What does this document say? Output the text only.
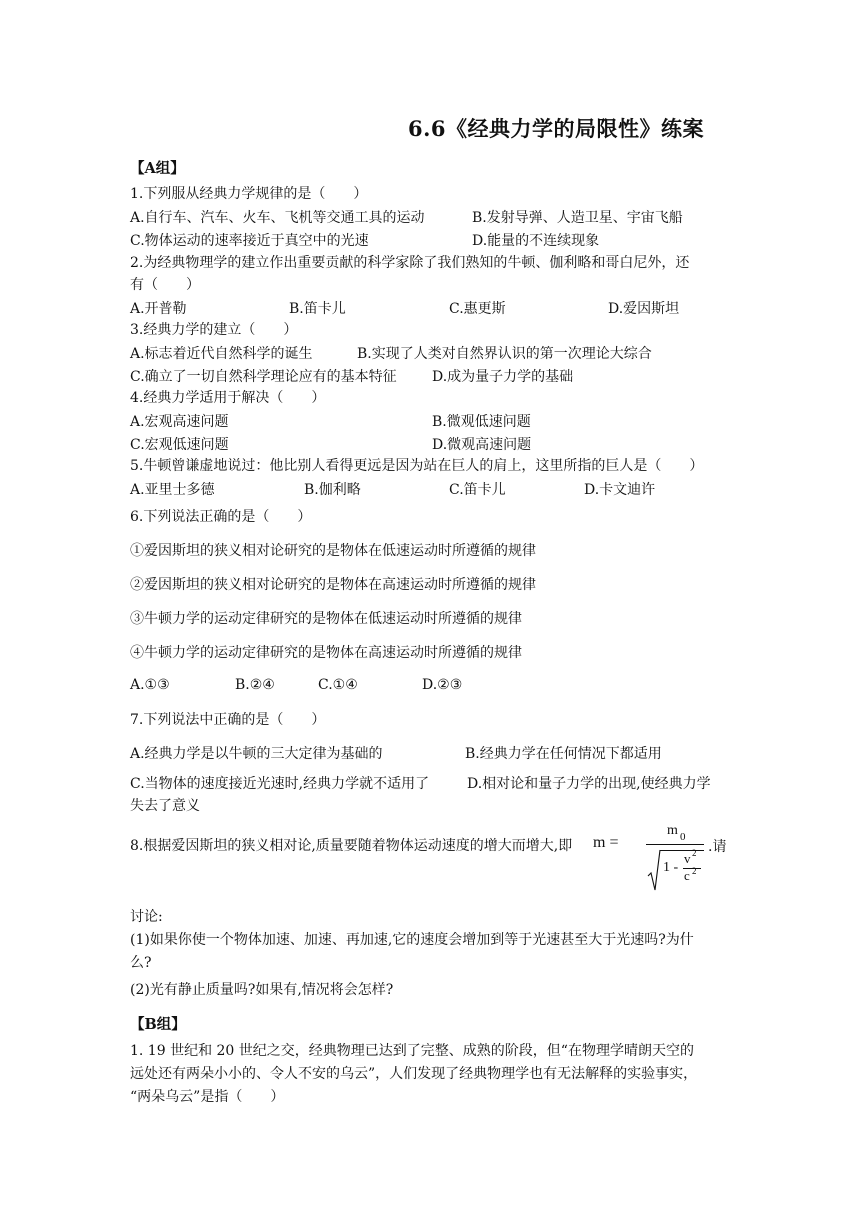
6.6《经典力学的局限性》练案
【A组】
1.下列服从经典力学规律的是（　　）
A.自行车、汽车、火车、飞机等交通工具的运动	B.发射导弹、人造卫星、宇宙飞船
C.物体运动的速率接近于真空中的光速	D.能量的不连续现象
2.为经典物理学的建立作出重要贡献的科学家除了我们熟知的牛顿、伽利略和哥白尼外，还
有（　　）
A.开普勒	B.笛卡儿	C.惠更斯	D.爱因斯坦
3.经典力学的建立（　　）
A.标志着近代自然科学的诞生	B.实现了人类对自然界认识的第一次理论大综合
C.确立了一切自然科学理论应有的基本特征	D.成为量子力学的基础
4.经典力学适用于解决（　　）
A.宏观高速问题	B.微观低速问题
C.宏观低速问题	D.微观高速问题
5.牛顿曾谦虚地说过：他比别人看得更远是因为站在巨人的肩上，这里所指的巨人是（　　）
A.亚里士多德	B.伽利略	C.笛卡儿	D.卡文迪许
6.下列说法正确的是（　　）
①爱因斯坦的狭义相对论研究的是物体在低速运动时所遵循的规律
②爱因斯坦的狭义相对论研究的是物体在高速运动时所遵循的规律
③牛顿力学的运动定律研究的是物体在低速运动时所遵循的规律
④牛顿力学的运动定律研究的是物体在高速运动时所遵循的规律
A.①③	B.②④	C.①④	D.②③
7.下列说法中正确的是（　　）
A.经典力学是以牛顿的三大定律为基础的	B.经典力学在任何情况下都适用
C.当物体的速度接近光速时,经典力学就不适用了	D.相对论和量子力学的出现,使经典力学
失去了意义
8.根据爱因斯坦的狭义相对论,质量要随着物体运动速度的增大而增大,即 m =
m 0
1 -
v 2
c 2
.请
讨论:
(1)如果你使一个物体加速、加速、再加速,它的速度会增加到等于光速甚至大于光速吗?为什
么?
(2)光有静止质量吗?如果有,情况将会怎样?
【B组】
1. 19 世纪和 20 世纪之交，经典物理已达到了完整、成熟的阶段，但“在物理学晴朗天空的
远处还有两朵小小的、令人不安的乌云”，人们发现了经典物理学也有无法解释的实验事实，
“两朵乌云”是指（　　）
